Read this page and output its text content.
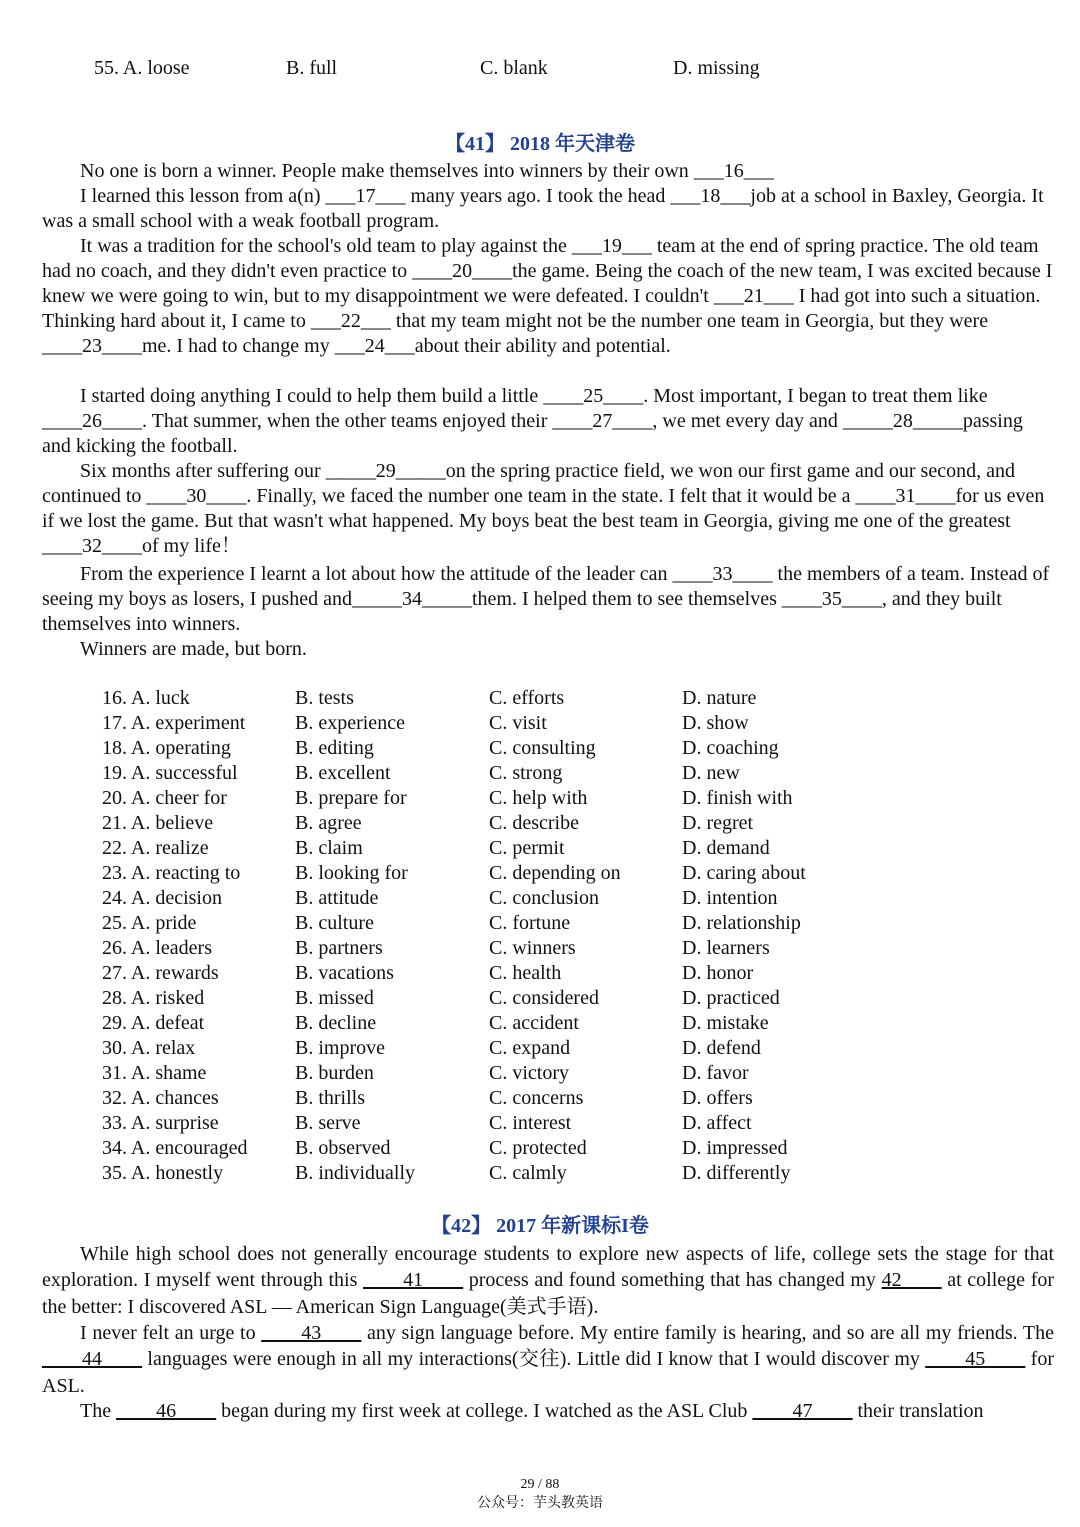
55. A. loose	B. full	C. blank	D. missing
【41】 2018 年天津卷

No one is born a winner. People make themselves into winners by their own ___16___

I learned this lesson from a(n) ___17___ many years ago. I took the head ___18___job at a school in Baxley, Georgia. It was a small school with a weak football program.

It was a tradition for the school's old team to play against the ___19___ team at the end of spring practice. The old team had no coach, and they didn't even practice to ____20____the game. Being the coach of the new team, I was excited because I knew we were going to win, but to my disappointment we were defeated. I couldn't ___21___ I had got into such a situation. Thinking hard about it, I came to ___22___ that my team might not be the number one team in Georgia, but they were ____23____me. I had to change my ___24___about their ability and potential.

I started doing anything I could to help them build a little ____25____. Most important, I began to treat them like ____26____. That summer, when the other teams enjoyed their ____27____, we met every day and _____28_____passing and kicking the football.

Six months after suffering our _____29_____on the spring practice field, we won our first game and our second, and continued to ____30____. Finally, we faced the number one team in the state. I felt that it would be a ____31____for us even if we lost the game. But that wasn't what happened. My boys beat the best team in Georgia, giving me one of the greatest ____32____of my life！

From the experience I learnt a lot about how the attitude of the leader can ____33____ the members of a team. Instead of seeing my boys as losers, I pushed and_____34_____them. I helped them to see themselves ____35____, and they built themselves into winners.

Winners are made, but born.

16. A. luck	B. tests	C. efforts	D. nature
17. A. experiment B. experience	C. visit	D. show
18. A. operating	B. editing	C. consulting	D. coaching
19. A. successful	B. excellent	C. strong	D. new
20. A. cheer for	B. prepare for	C. help with	D. finish with
21. A. believe	B. agree	C. describe	D. regret
22. A. realize	B. claim	C. permit	D. demand
23. A. reacting to	B. looking for	C. depending on	D. caring about
24. A. decision	B. attitude	C. conclusion	D. intention
25. A. pride	B. culture	C. fortune	D. relationship
26. A. leaders	B. partners	C. winners	D. learners
27. A. rewards	B. vacations	C. health	D. honor
28. A. risked	B. missed	C. considered	D. practiced
29. A. defeat	B. decline	C. accident	D. mistake
30. A. relax	B. improve	C. expand	D. defend
31. A. shame	B. burden	C. victory	D. favor
32. A. chances	B. thrills	C. concerns	D. offers
33. A. surprise	B. serve	C. interest	D. affect
34. A. encouraged B. observed	C. protected	D. impressed
35. A. honestly	B. individually	C. calmly	D. differently
【42】 2017 年新课标I卷

While high school does not generally encourage students to explore new aspects of life, college sets the stage for that exploration. I myself went through this ____41____ process and found something that has changed my 42____ at college for the better: I discovered ASL — American Sign Language(美式手语).

I never felt an urge to ____43____ any sign language before. My entire family is hearing, and so are all my friends. The ____44____ languages were enough in all my interactions(交往). Little did I know that I would discover my ____45____ for ASL.

The ____46____ began during my first week at college. I watched as the ASL Club ____47____ their translation

29 / 88
公众号：芋头教英语
